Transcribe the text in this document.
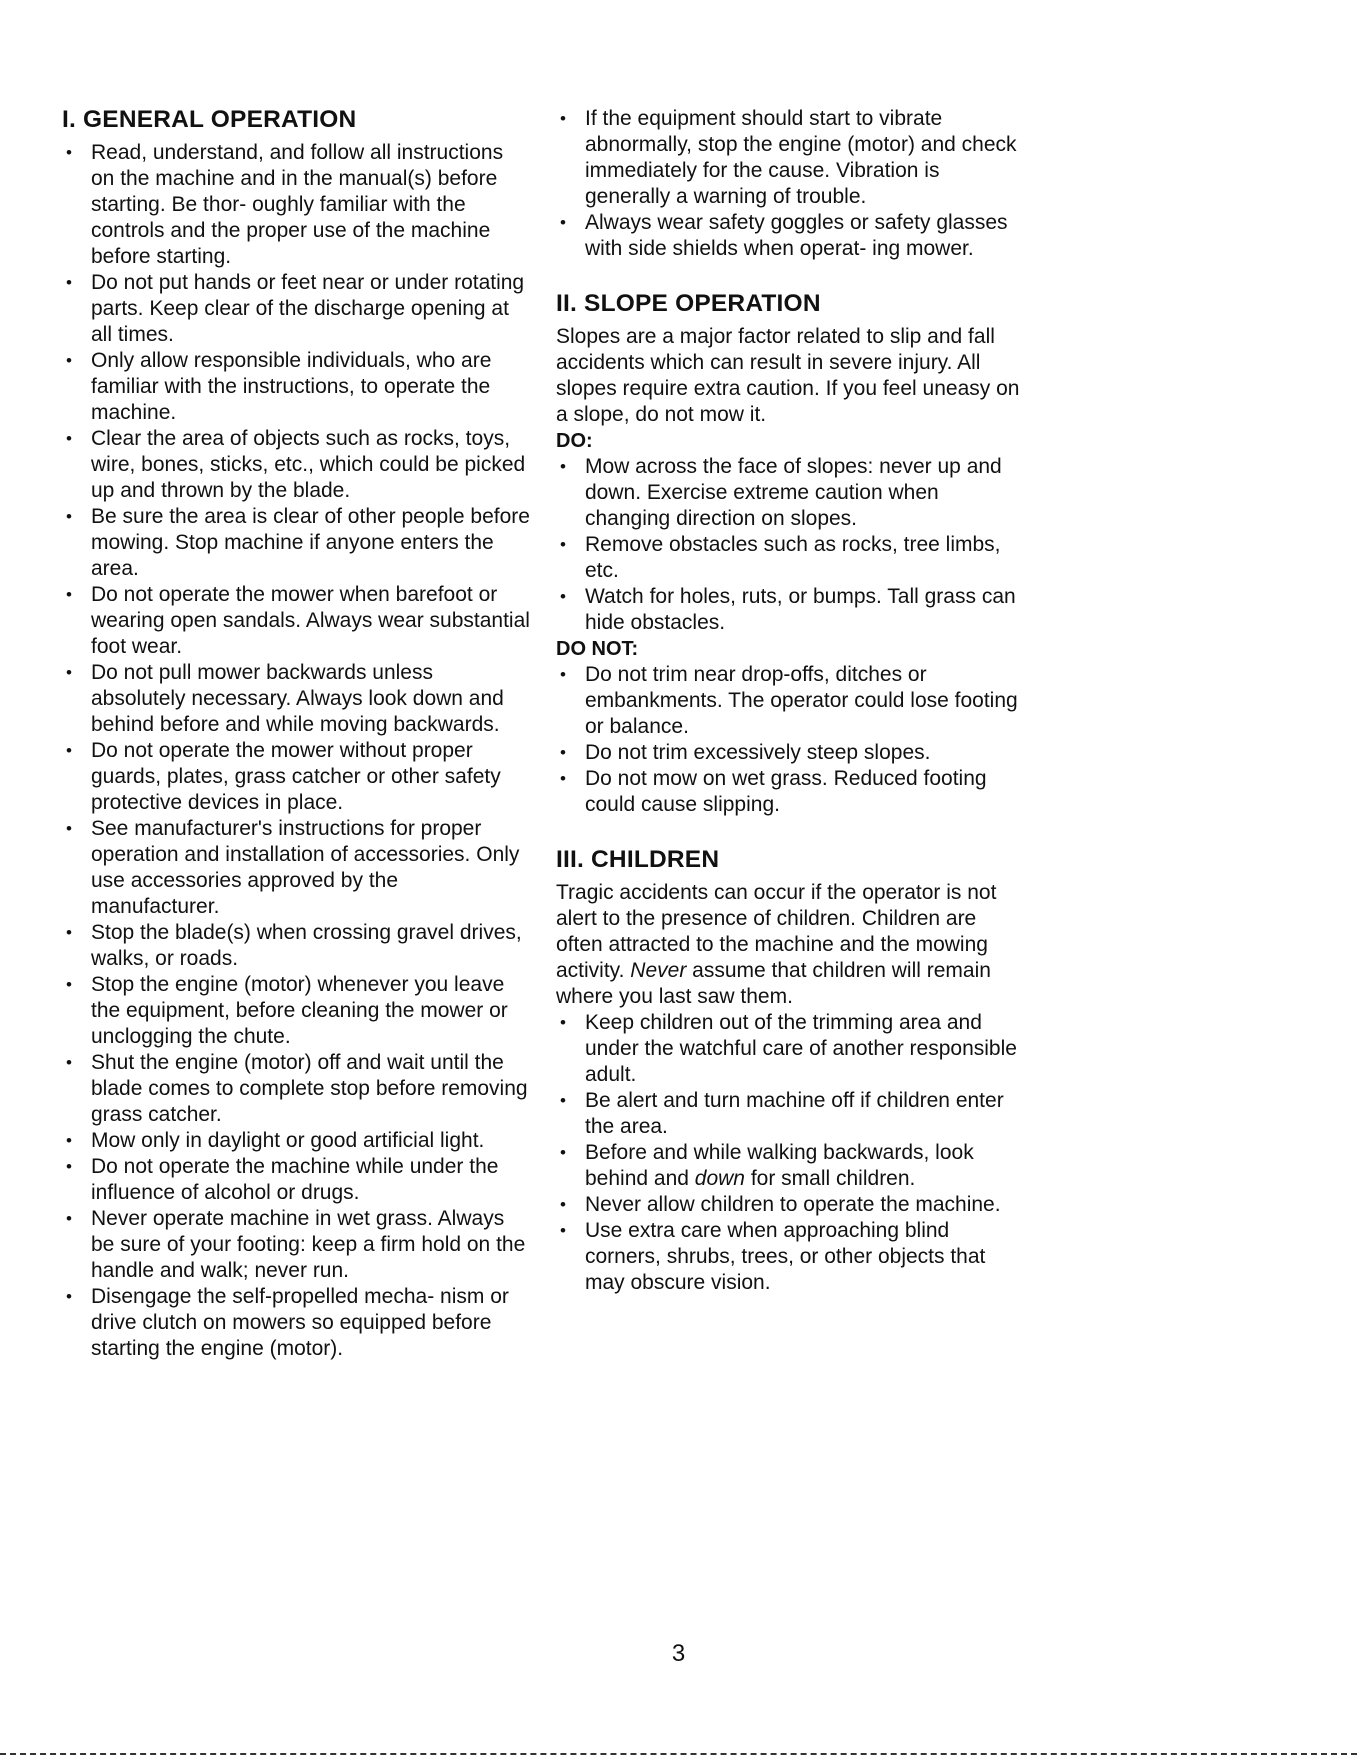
I. GENERAL OPERATION
• Read, understand, and follow all instructions on the machine and in the manual(s) before starting. Be thor- oughly familiar with the controls and the proper use of the machine before starting.
• Do not put hands or feet near or under rotating parts. Keep clear of the discharge opening at all times.
• Only allow responsible individuals, who are familiar with the instructions, to operate the machine.
• Clear the area of objects such as rocks, toys, wire, bones, sticks, etc., which could be picked up and thrown by the blade.
• Be sure the area is clear of other people before mowing. Stop machine if anyone enters the area.
• Do not operate the mower when barefoot or wearing open sandals. Always wear substantial foot wear.
• Do not pull mower backwards unless absolutely necessary. Always look down and behind before and while moving backwards.
• Do not operate the mower without proper guards, plates, grass catcher or other safety protective devices in place.
• See manufacturer's instructions for proper operation and installation of accessories. Only use accessories approved by the manufacturer.
• Stop the blade(s) when crossing gravel drives, walks, or roads.
• Stop the engine (motor) whenever you leave the equipment, before cleaning the mower or unclogging the chute.
• Shut the engine (motor) off and wait until the blade comes to complete stop before removing grass catcher.
• Mow only in daylight or good artificial light.
• Do not operate the machine while under the influence of alcohol or drugs.
• Never operate machine in wet grass. Always be sure of your footing: keep a firm hold on the handle and walk; never run.
• Disengage the self-propelled mecha- nism or drive clutch on mowers so equipped before starting the engine (motor).
• If the equipment should start to vibrate abnormally, stop the engine (motor) and check immediately for the cause. Vibration is generally a warning of trouble.
• Always wear safety goggles or safety glasses with side shields when operat- ing mower.
II. SLOPE OPERATION

Slopes are a major factor related to slip and fall accidents which can result in severe injury. All slopes require extra caution. If you feel uneasy on a slope, do not mow it.

DO:
• Mow across the face of slopes: never up and down. Exercise extreme caution when changing direction on slopes.
• Remove obstacles such as rocks, tree limbs, etc.
• Watch for holes, ruts, or bumps. Tall grass can hide obstacles.
DO NOT:
• Do not trim near drop-offs, ditches or embankments. The operator could lose footing or balance.
• Do not trim excessively steep slopes.
• Do not mow on wet grass. Reduced footing could cause slipping.
III. CHILDREN

Tragic accidents can occur if the operator is not alert to the presence of children. Children are often attracted to the machine and the mowing activity. Never assume that children will remain where you last saw them.

• Keep children out of the trimming area and under the watchful care of another responsible adult.
• Be alert and turn machine off if children enter the area.
• Before and while walking backwards, look behind and down for small children.
• Never allow children to operate the machine.
• Use extra care when approaching blind corners, shrubs, trees, or other objects that may obscure vision.
3
